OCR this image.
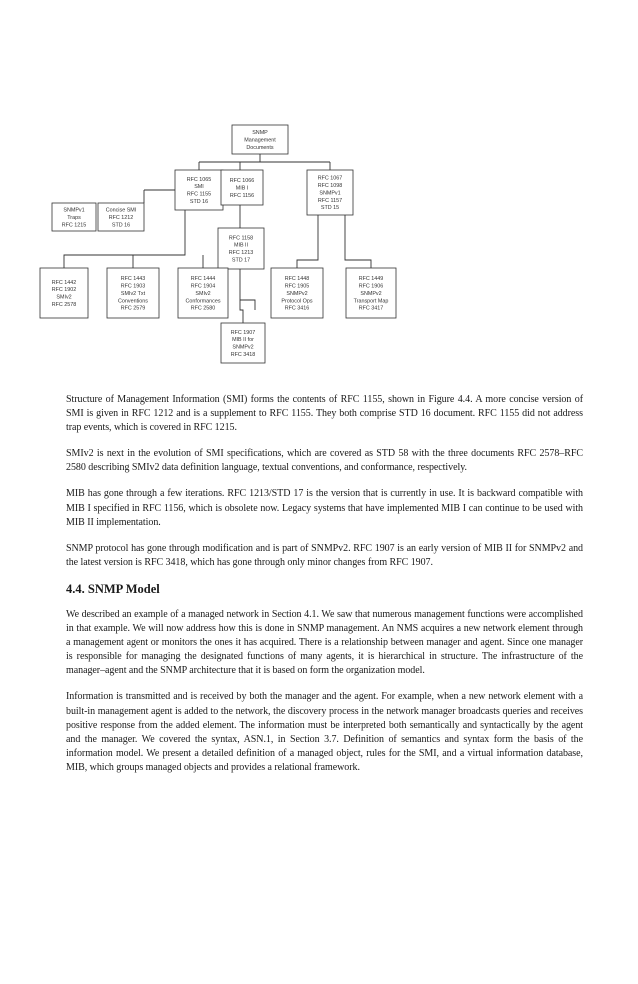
SNMP
Management
Documents
RFC 1065
SMI
RFC 1155
STD 16
RFC 1066
MIB I
RFC 1156
RFC 1067
RFC 1098
SNMPv1
RFC 1157
STD 15
SNMPv1
Traps
RFC 1215
Concise SMI
RFC 1212
STD 16
RFC 1158
MIB II
RFC 1213
STD 17
RFC 1442
RFC 1902
SMIv2
RFC 2578
RFC 1443
RFC 1903
SMIv2 Txt
Conventions
RFC 2579
RFC 1444
RFC 1904
SMIv2
Conformances
RFC 2580
RFC 1448
RFC 1905
SNMPv2
Protocol Ops
RFC 3416
RFC 1449
RFC 1906
SNMPv2
Transport Map
RFC 3417
RFC 1907
MIB II for
SNMPv2
RFC 3418

Structure of Management Information (SMI) forms the contents of RFC 1155, shown in Figure 4.4. A more concise version of SMI is given in RFC 1212 and is a supplement to RFC 1155. They both comprise STD 16 document. RFC 1155 did not address trap events, which is covered in RFC 1215.

SMIv2 is next in the evolution of SMI specifications, which are covered as STD 58 with the three documents RFC 2578–RFC 2580 describing SMIv2 data definition language, textual conventions, and conformance, respectively.

MIB has gone through a few iterations. RFC 1213/STD 17 is the version that is currently in use. It is backward compatible with MIB I specified in RFC 1156, which is obsolete now. Legacy systems that have implemented MIB I can continue to be used with MIB II implementation.

SNMP protocol has gone through modification and is part of SNMPv2. RFC 1907 is an early version of MIB II for SNMPv2 and the latest version is RFC 3418, which has gone through only minor changes from RFC 1907.

4.4. SNMP Model

We described an example of a managed network in Section 4.1. We saw that numerous management functions were accomplished in that example. We will now address how this is done in SNMP management. An NMS acquires a new network element through a management agent or monitors the ones it has acquired. There is a relationship between manager and agent. Since one manager is responsible for managing the designated functions of many agents, it is hierarchical in structure. The infrastructure of the manager–agent and the SNMP architecture that it is based on form the organization model.

Information is transmitted and is received by both the manager and the agent. For example, when a new network element with a built-in management agent is added to the network, the discovery process in the network manager broadcasts queries and receives positive response from the added element. The information must be interpreted both semantically and syntactically by the agent and the manager. We covered the syntax, ASN.1, in Section 3.7. Definition of semantics and syntax form the basis of the information model. We present a detailed definition of a managed object, rules for the SMI, and a virtual information database, MIB, which groups managed objects and provides a relational framework.
